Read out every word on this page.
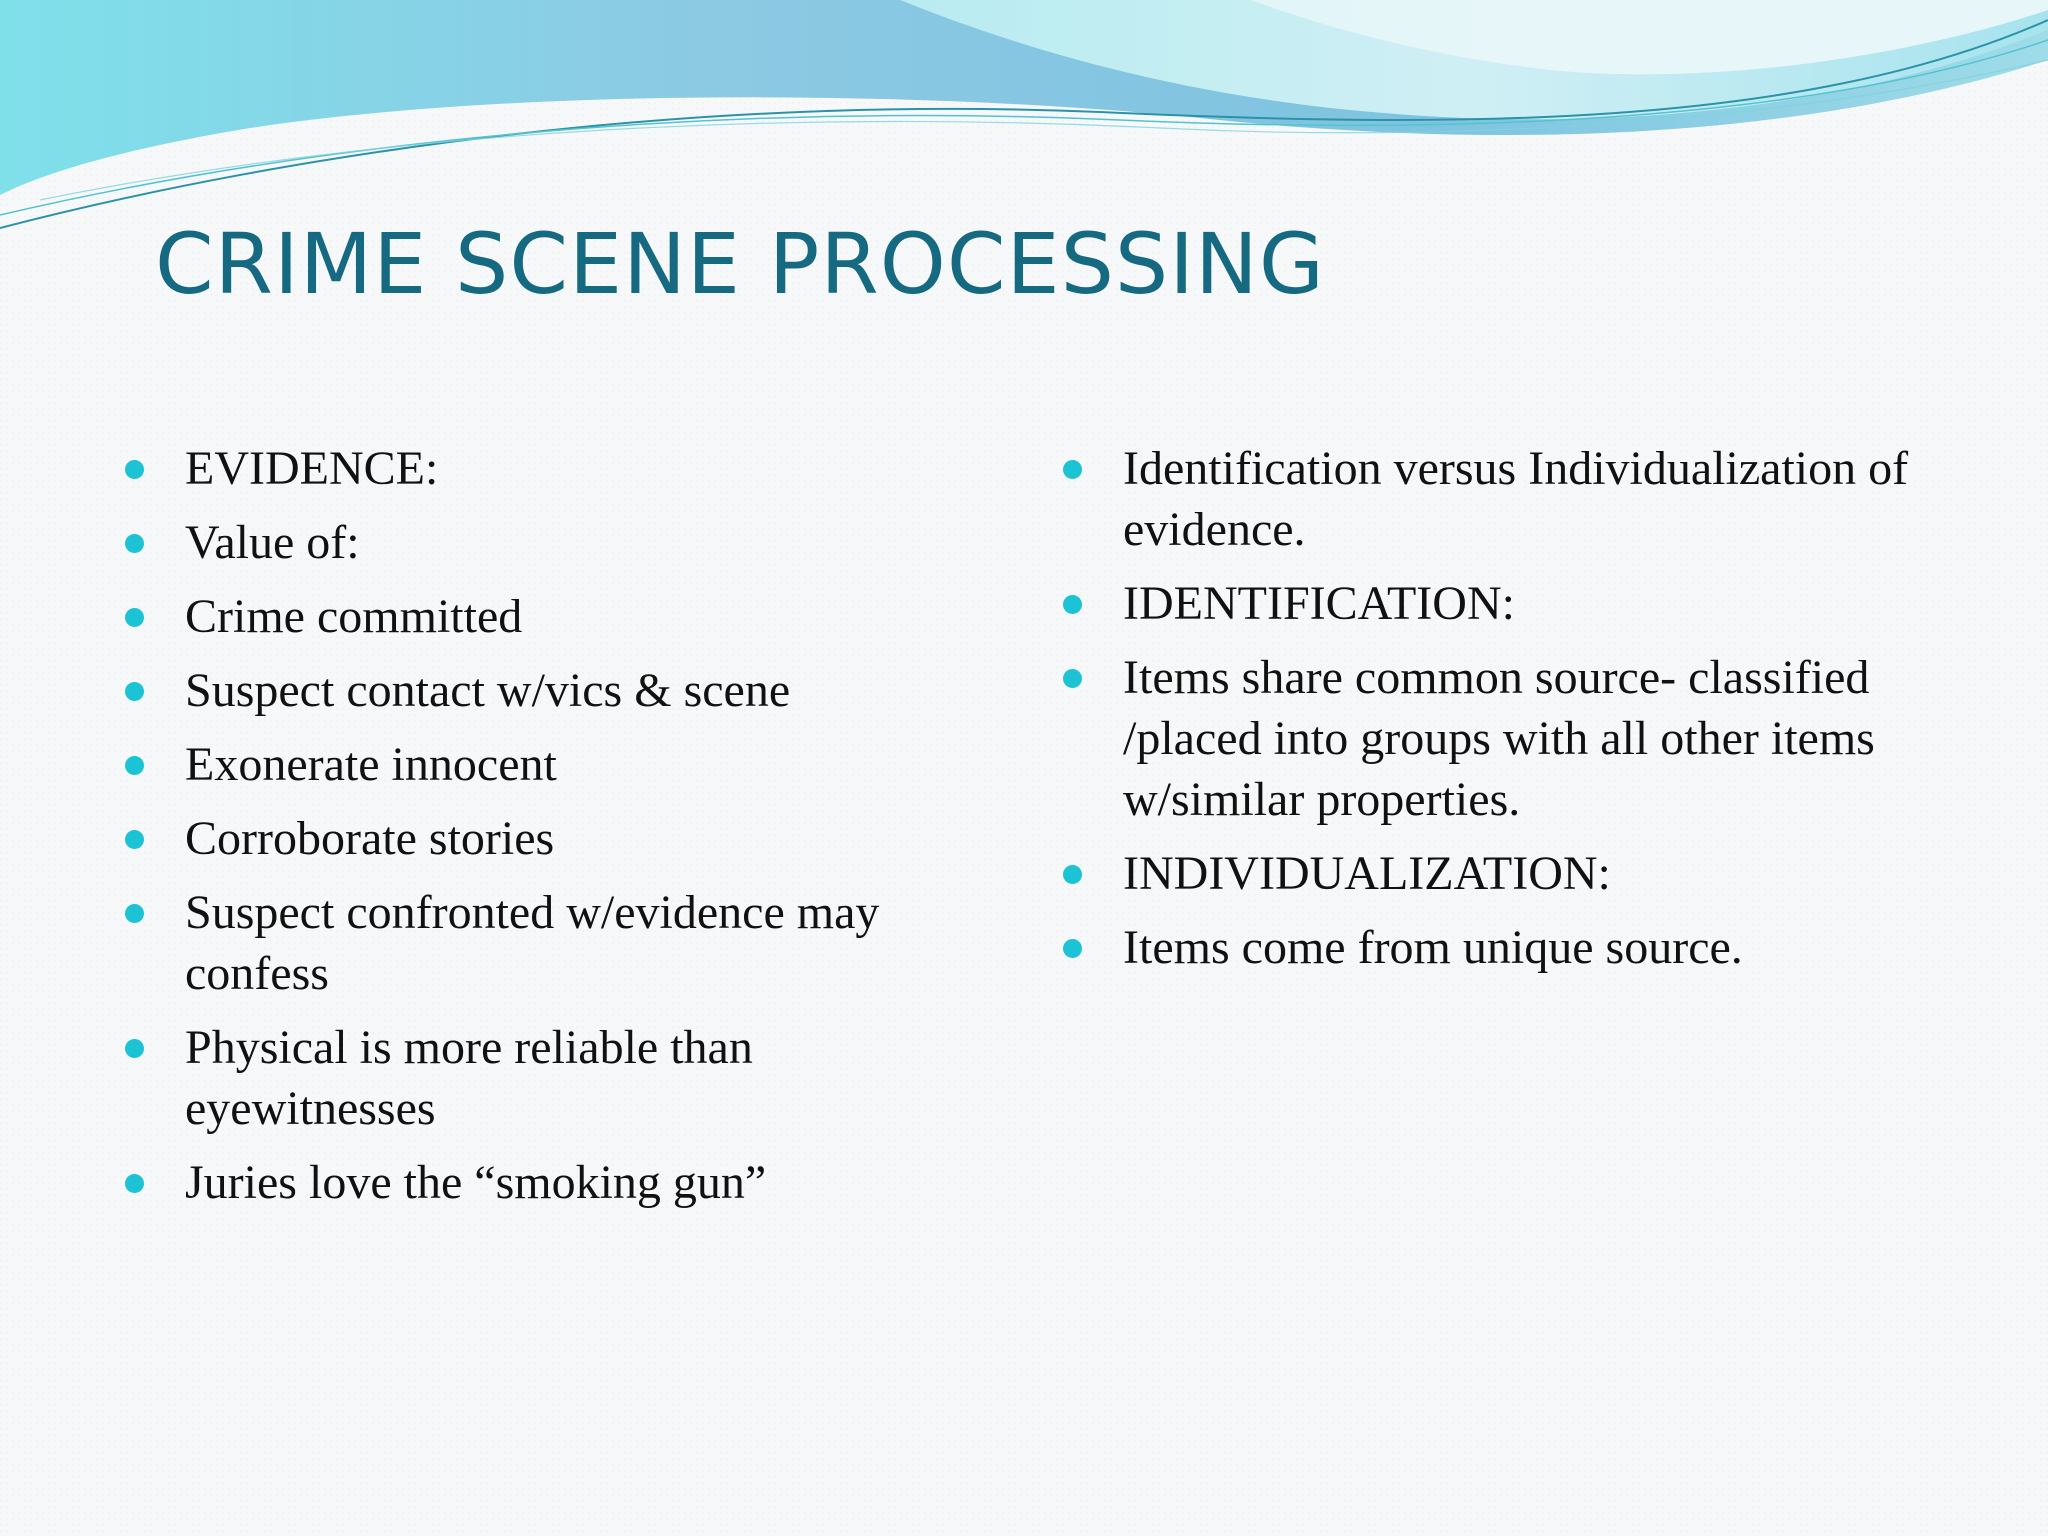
CRIME SCENE PROCESSING
EVIDENCE:
Value of:
Crime committed
Suspect contact w/vics & scene
Exonerate innocent
Corroborate stories
Suspect confronted w/evidence may confess
Physical is more reliable than eyewitnesses
Juries love the “smoking gun”
Identification versus Individualization of evidence.
IDENTIFICATION:
Items share common source- classified /placed into groups with all other items w/similar properties.
INDIVIDUALIZATION:
Items come from unique source.
